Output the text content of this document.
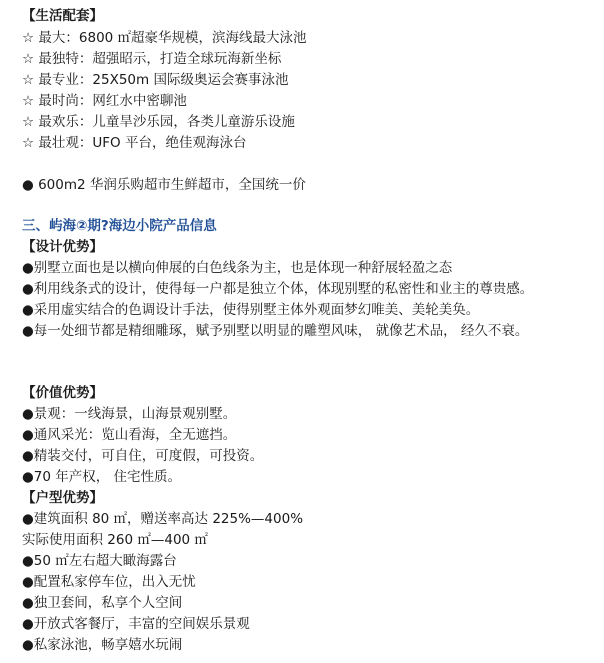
【生活配套】
☆ 最大：6800 ㎡超豪华规模，滨海线最大泳池
☆ 最独特：超强昭示，打造全球玩海新坐标
☆ 最专业：25X50m 国际级奥运会赛事泳池
☆ 最时尚：网红水中密聊池
☆ 最欢乐：儿童旱沙乐园，各类儿童游乐设施
☆ 最壮观：UFO 平台，绝佳观海泳台
● 600m2 华润乐购超市生鲜超市，全国统一价
三、屿海②期?海边小院产品信息
【设计优势】
●别墅立面也是以横向伸展的白色线条为主，也是体现一种舒展轻盈之态
●利用线条式的设计，使得每一户都是独立个体，体现别墅的私密性和业主的尊贵感。
●采用虚实结合的色调设计手法，使得别墅主体外观面梦幻唯美、美轮美奂。
●每一处细节都是精细雕琢，赋予别墅以明显的雕塑风味， 就像艺术品， 经久不衰。
【价值优势】
●景观：一线海景，山海景观别墅。
●通风采光：览山看海，全无遮挡。
●精装交付，可自住，可度假，可投资。
●70 年产权， 住宅性质。
【户型优势】
●建筑面积 80 ㎡，赠送率高达 225%—400%
实际使用面积 260 ㎡—400 ㎡
●50 ㎡左右超大瞰海露台
●配置私家停车位，出入无忧
●独卫套间，私享个人空间
●开放式客餐厅，丰富的空间娱乐景观
●私家泳池，畅享嬉水玩闹
